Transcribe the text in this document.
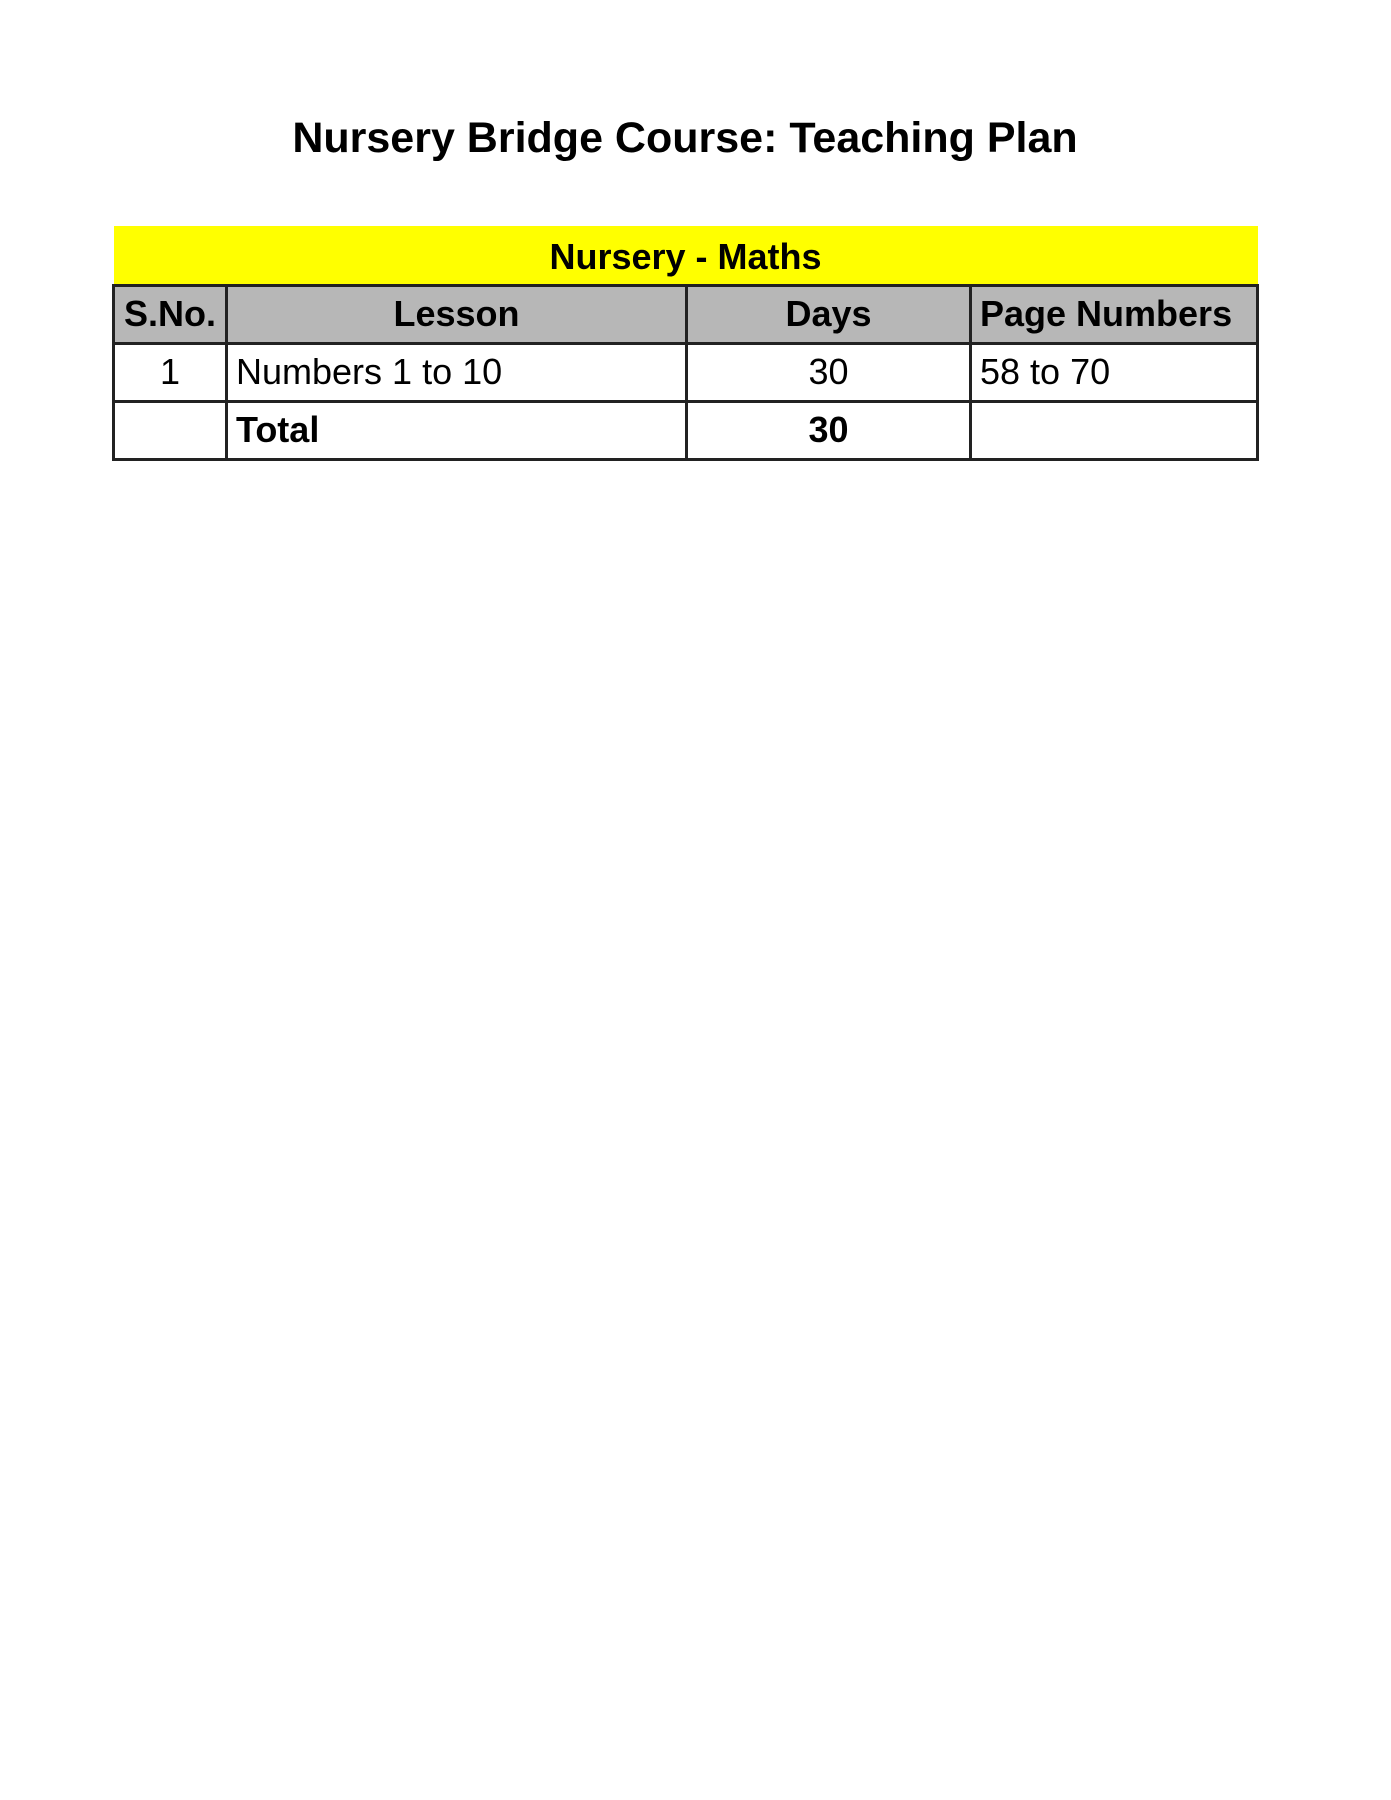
Nursery Bridge Course: Teaching Plan
Nursery - Maths			
S.No.	Lesson	Days	Page Numbers
1	Numbers 1 to 10	30	58 to 70
	Total	30	
